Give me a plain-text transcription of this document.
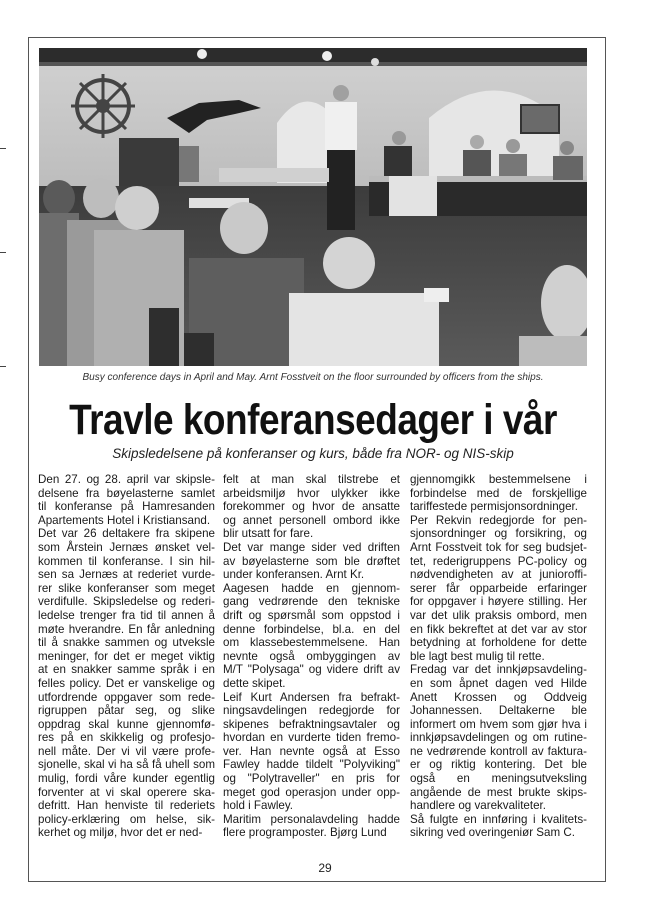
Busy conference days in April and May. Arnt Fosstveit on the floor surrounded by officers from the ships.
Travle konferansedager i vår
Skipsledelsene på konferanser og kurs, både fra NOR- og NIS-skip

Den 27. og 28. april var skipsle-

delsene fra bøyelasterne samlet

til konferanse på Hamresanden

Apartements Hotel i Kristiansand.

Det var 26 deltakere fra skipene

som Årstein Jernæs ønsket vel-

kommen til konferanse. I sin hil-

sen sa Jernæs at rederiet vurde-

rer slike konferanser som meget

verdifulle. Skipsledelse og rederi-

ledelse trenger fra tid til annen å

møte hverandre. En får anledning

til å snakke sammen og utveksle

meninger, for det er meget viktig

at en snakker samme språk i en

felles policy. Det er vanskelige og

utfordrende oppgaver som rede-

rigruppen påtar seg, og slike

oppdrag skal kunne gjennomfø-

res på en skikkelig og profesjo-

nell måte. Der vi vil være profe-

sjonelle, skal vi ha så få uhell som

mulig, fordi våre kunder egentlig

forventer at vi skal operere ska-

defritt. Han henviste til rederiets

policy-erklæring om helse, sik-

kerhet og miljø, hvor det er ned-

felt at man skal tilstrebe et

arbeidsmiljø hvor ulykker ikke

forekommer og hvor de ansatte

og annet personell ombord ikke

blir utsatt for fare.

Det var mange sider ved driften

av bøyelasterne som ble drøftet

under konferansen. Arnt Kr.

Aagesen hadde en gjennom-

gang vedrørende den tekniske

drift og spørsmål som oppstod i

denne forbindelse, bl.a. en del

om klassebestemmelsene. Han

nevnte også ombyggingen av

M/T "Polysaga" og videre drift av

dette skipet.

Leif Kurt Andersen fra befrakt-

ningsavdelingen redegjorde for

skipenes befraktningsavtaler og

hvordan en vurderte tiden fremo-

ver. Han nevnte også at Esso

Fawley hadde tildelt "Polyviking"

og "Polytraveller" en pris for

meget god operasjon under opp-

hold i Fawley.

Maritim personalavdeling hadde

flere programposter. Bjørg Lund

gjennomgikk bestemmelsene i

forbindelse med de forskjellige

tariffestede permisjonsordninger.

Per Rekvin redegjorde for pen-

sjonsordninger og forsikring, og

Arnt Fosstveit tok for seg budsjet-

tet, rederigruppens PC-policy og

nødvendigheten av at junioroffi-

serer får opparbeide erfaringer

for oppgaver i høyere stilling. Her

var det ulik praksis ombord, men

en fikk bekreftet at det var av stor

betydning at forholdene for dette

ble lagt best mulig til rette.

Fredag var det innkjøpsavdeling-

en som åpnet dagen ved Hilde

Anett Krossen og Oddveig

Johannessen. Deltakerne ble

informert om hvem som gjør hva i

innkjøpsavdelingen og om rutine-

ne vedrørende kontroll av faktura-

er og riktig kontering. Det ble

også en meningsutveksling

angående de mest brukte skips-

handlere og varekvaliteter.

Så fulgte en innføring i kvalitets-

sikring ved overingeniør Sam C.

29
